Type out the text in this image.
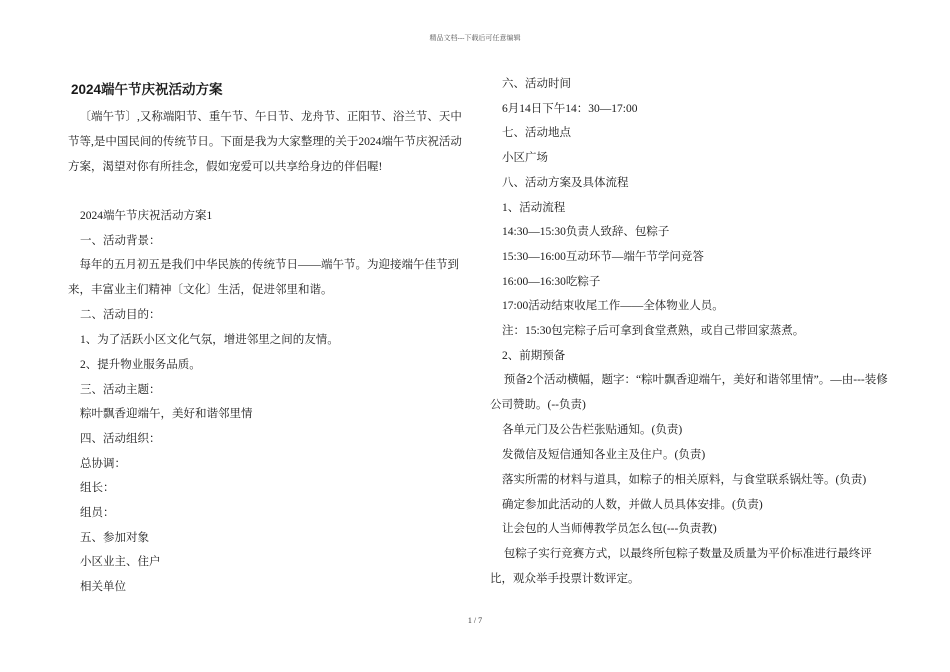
精品文档---下载后可任意编辑
2024端午节庆祝活动方案

〔端午节〕,又称端阳节、重午节、午日节、龙舟节、正阳节、浴兰节、天中节等,是中国民间的传统节日。下面是我为大家整理的关于2024端午节庆祝活动方案，渴望对你有所挂念，假如宠爱可以共享给身边的伴侣喔!

2024端午节庆祝活动方案1

一、活动背景：

每年的五月初五是我们中华民族的传统节日——端午节。为迎接端午佳节到来，丰富业主们精神〔文化〕生活，促进邻里和谐。

二、活动目的：

1、为了活跃小区文化气氛，增进邻里之间的友情。

2、提升物业服务品质。

三、活动主题：

粽叶飘香迎端午，美好和谐邻里情

四、活动组织：

总协调：

组长：

组员：

五、参加对象

小区业主、住户

相关单位

六、活动时间

6月14日下午14：30—17:00

七、活动地点

小区广场

八、活动方案及具体流程

1、活动流程

14:30—15:30负责人致辞、包粽子

15:30—16:00互动环节—端午节学问竞答

16:00—16:30吃粽子

17:00活动结束收尾工作——全体物业人员。

注：15:30包完粽子后可拿到食堂煮熟，或自己带回家蒸煮。

2、前期预备

预备2个活动横幅，题字：“粽叶飘香迎端午，美好和谐邻里情”。—由---装修公司赞助。(--负责)

各单元门及公告栏张贴通知。(负责)

发微信及短信通知各业主及住户。(负责)

落实所需的材料与道具，如粽子的相关原料，与食堂联系锅灶等。(负责)

确定参加此活动的人数，并做人员具体安排。(负责)

让会包的人当师傅教学员怎么包(---负责教)

包粽子实行竞赛方式，以最终所包粽子数量及质量为平价标准进行最终评比，观众举手投票计数评定。

1 / 7
